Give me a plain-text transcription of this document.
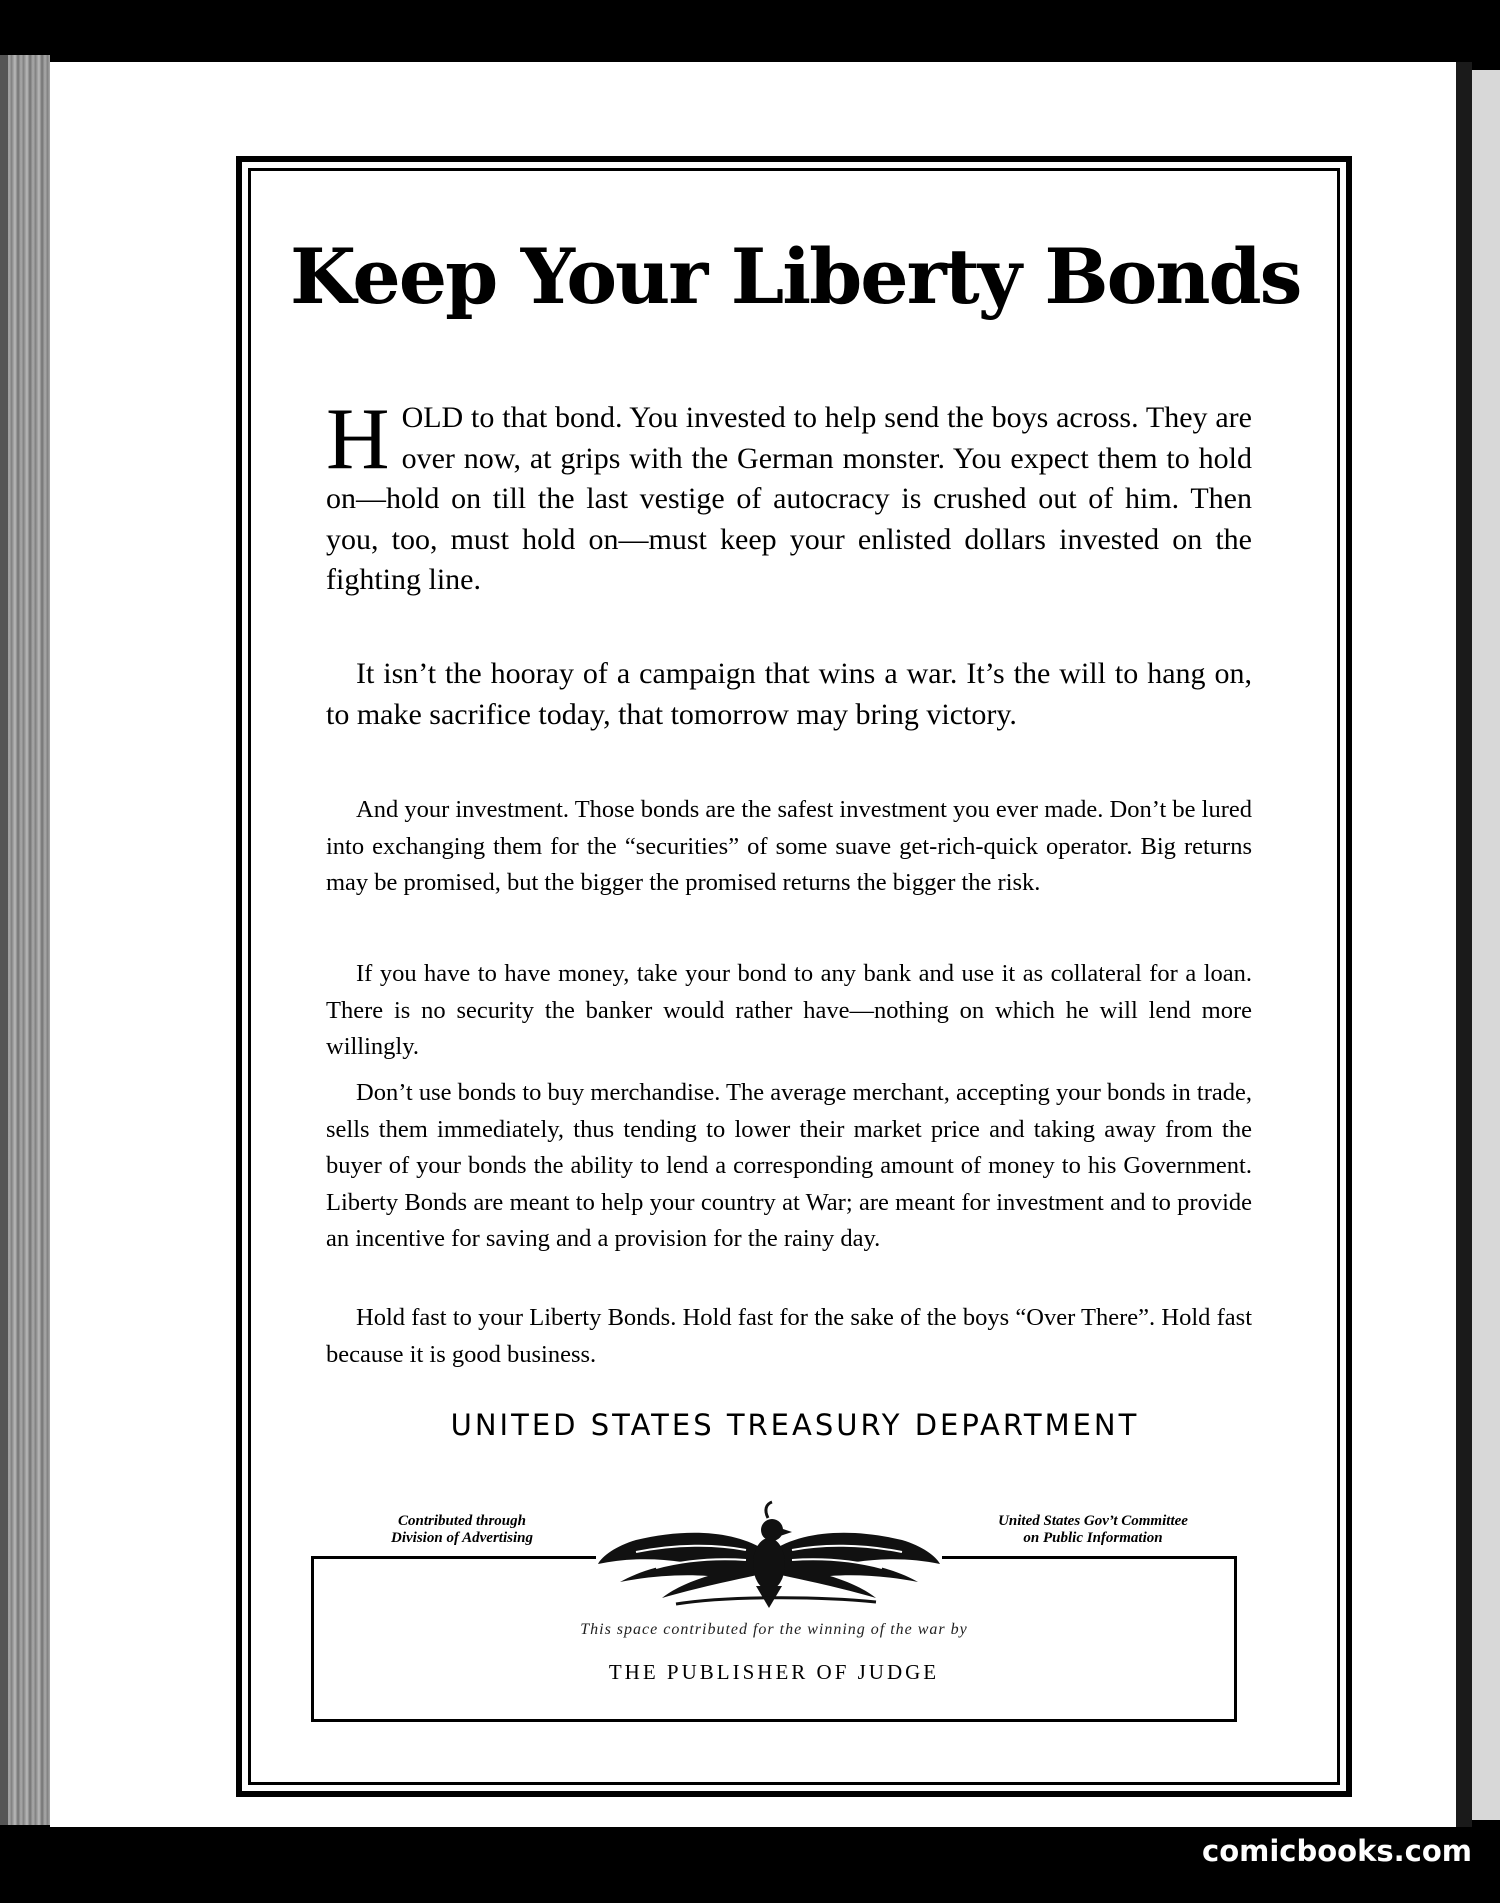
Keep Your Liberty Bonds
HOLD to that bond. You invested to help send the boys across. They are over now, at grips with the German monster. You expect them to hold on—hold on till the last vestige of autocracy is crushed out of him. Then you, too, must hold on—must keep your enlisted dollars invested on the fighting line.
It isn’t the hooray of a campaign that wins a war. It’s the will to hang on, to make sacrifice today, that tomorrow may bring victory.
And your investment. Those bonds are the safest investment you ever made. Don’t be lured into exchanging them for the “securities” of some suave get-rich-quick operator. Big returns may be promised, but the bigger the promised returns the bigger the risk.
If you have to have money, take your bond to any bank and use it as collateral for a loan. There is no security the banker would rather have—nothing on which he will lend more willingly.
Don’t use bonds to buy merchandise. The average merchant, accepting your bonds in trade, sells them immediately, thus tending to lower their market price and taking away from the buyer of your bonds the ability to lend a corresponding amount of money to his Government. Liberty Bonds are meant to help your country at War; are meant for investment and to provide an incentive for saving and a provision for the rainy day.
Hold fast to your Liberty Bonds. Hold fast for the sake of the boys “Over There”. Hold fast because it is good business.
UNITED STATES TREASURY DEPARTMENT
Contributed through
Division of Advertising
United States Gov’t Committee
on Public Information
This space contributed for the winning of the war by
THE PUBLISHER OF JUDGE
comicbooks.com
